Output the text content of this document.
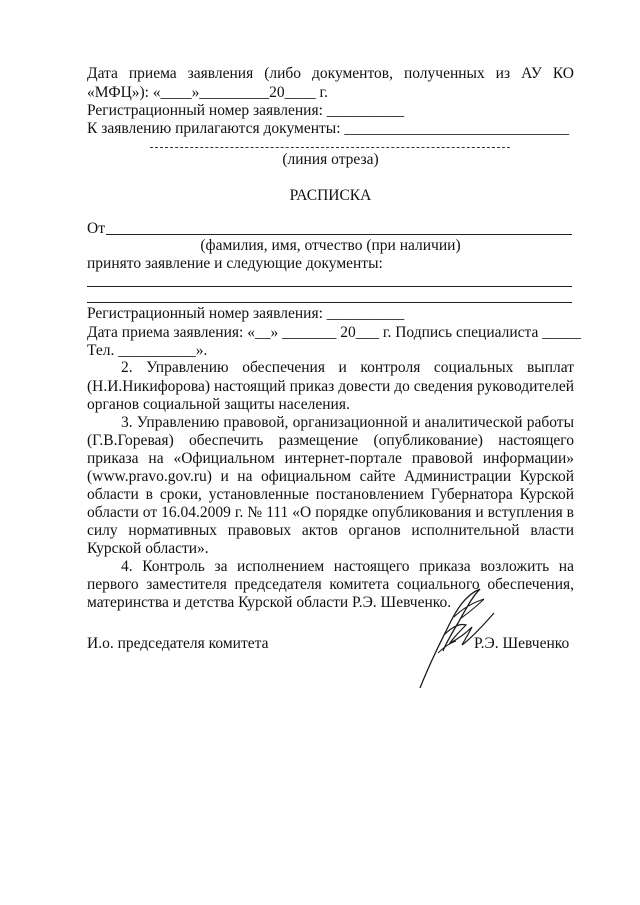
Дата приема заявления (либо документов, полученных из АУ КО
«МФЦ»): «____»_________20____ г.
Регистрационный номер заявления: __________
К заявлению прилагаются документы: _____________________________
(линия отреза)
РАСПИСКА
От
(фамилия, имя, отчество (при наличии)
принято заявление и следующие документы:
Регистрационный номер заявления: __________
Дата приема заявления: «__» _______ 20___ г. Подпись специалиста _____
Тел. __________».
2. Управлению обеспечения и контроля социальных выплат
(Н.И.Никифорова) настоящий приказ довести до сведения руководителей
органов социальной защиты населения.
3. Управлению правовой, организационной и аналитической работы
(Г.В.Горевая) обеспечить размещение (опубликование) настоящего
приказа на «Официальном интернет-портале правовой информации»
(www.pravo.gov.ru) и на официальном сайте Администрации Курской
области в сроки, установленные постановлением Губернатора Курской
области от 16.04.2009 г. № 111 «О порядке опубликования и вступления в
силу нормативных правовых актов органов исполнительной власти
Курской области».
4. Контроль за исполнением настоящего приказа возложить на
первого заместителя председателя комитета социального обеспечения,
материнства и детства Курской области Р.Э. Шевченко.
И.о. председателя комитета	Р.Э. Шевченко
